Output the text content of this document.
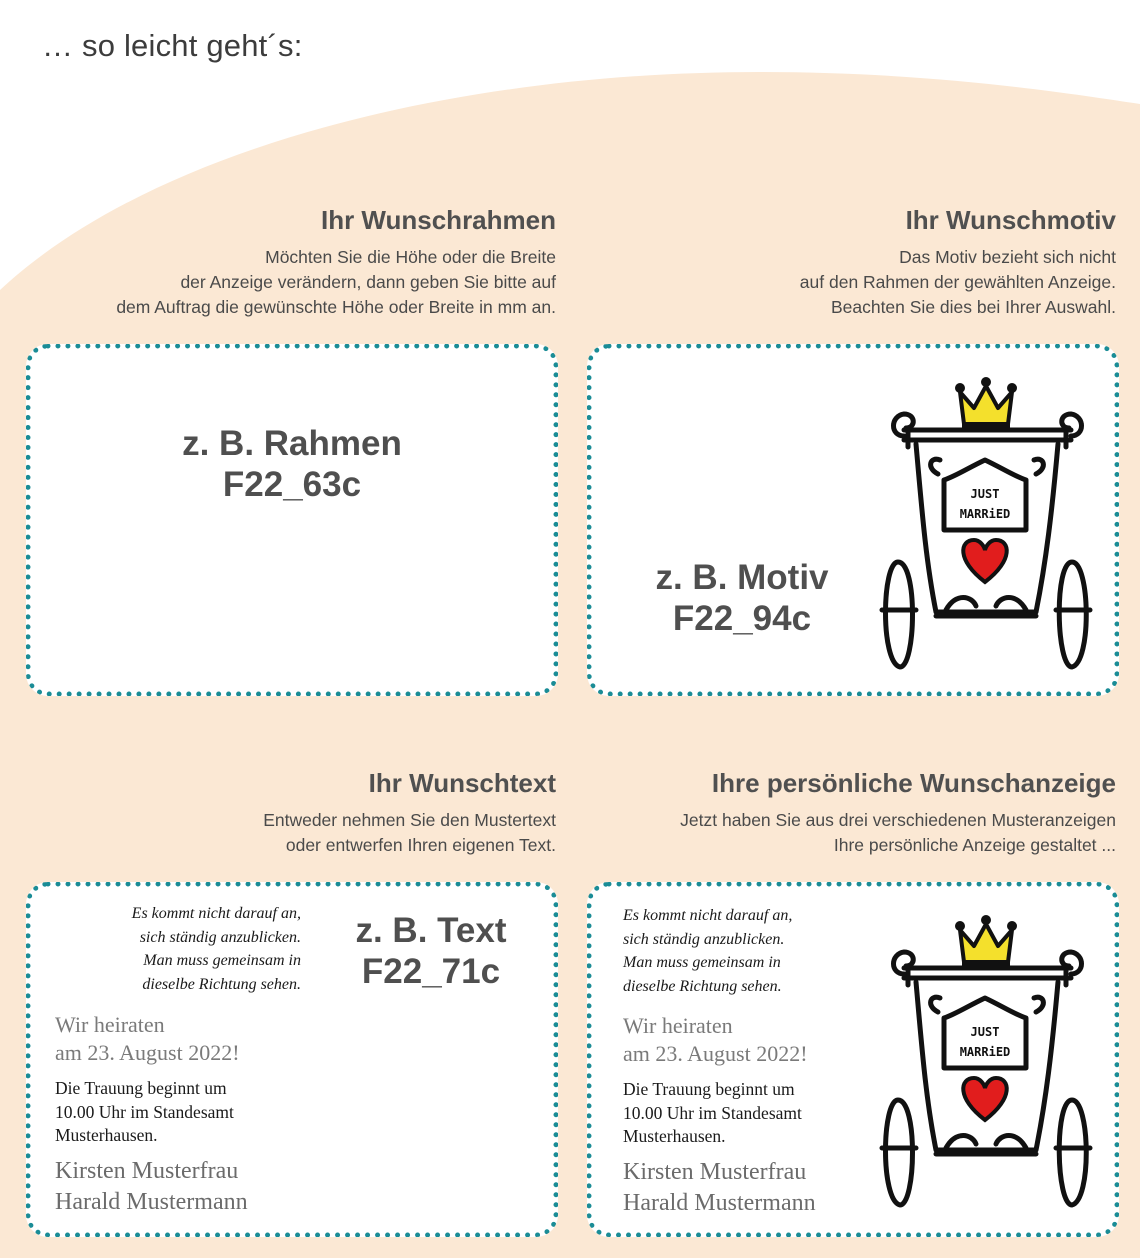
… so leicht geht´s:
Ihr Wunschrahmen
Möchten Sie die Höhe oder die Breite
der Anzeige verändern, dann geben Sie bitte auf
dem Auftrag die gewünschte Höhe oder Breite in mm an.
z. B. Rahmen
F22_63c
Ihr Wunschmotiv
Das Motiv bezieht sich nicht
auf den Rahmen der gewählten Anzeige.
Beachten Sie dies bei Ihrer Auswahl.
z. B. Motiv
F22_94c
JUST
MARRiED
Ihr Wunschtext
Entweder nehmen Sie den Mustertext
oder entwerfen Ihren eigenen Text.
Es kommt nicht darauf an,
sich ständig anzublicken.
Man muss gemeinsam in
dieselbe Richtung sehen.
z. B. Text
F22_71c
Wir heiraten
am 23. August 2022!
Die Trauung beginnt um
10.00 Uhr im Standesamt
Musterhausen.
Kirsten Musterfrau
Harald Mustermann
Ihre persönliche Wunschanzeige
Jetzt haben Sie aus drei verschiedenen Musteranzeigen
Ihre persönliche Anzeige gestaltet ...
Es kommt nicht darauf an,
sich ständig anzublicken.
Man muss gemeinsam in
dieselbe Richtung sehen.
Wir heiraten
am 23. August 2022!
Die Trauung beginnt um
10.00 Uhr im Standesamt
Musterhausen.
Kirsten Musterfrau
Harald Mustermann
JUST
MARRiED
